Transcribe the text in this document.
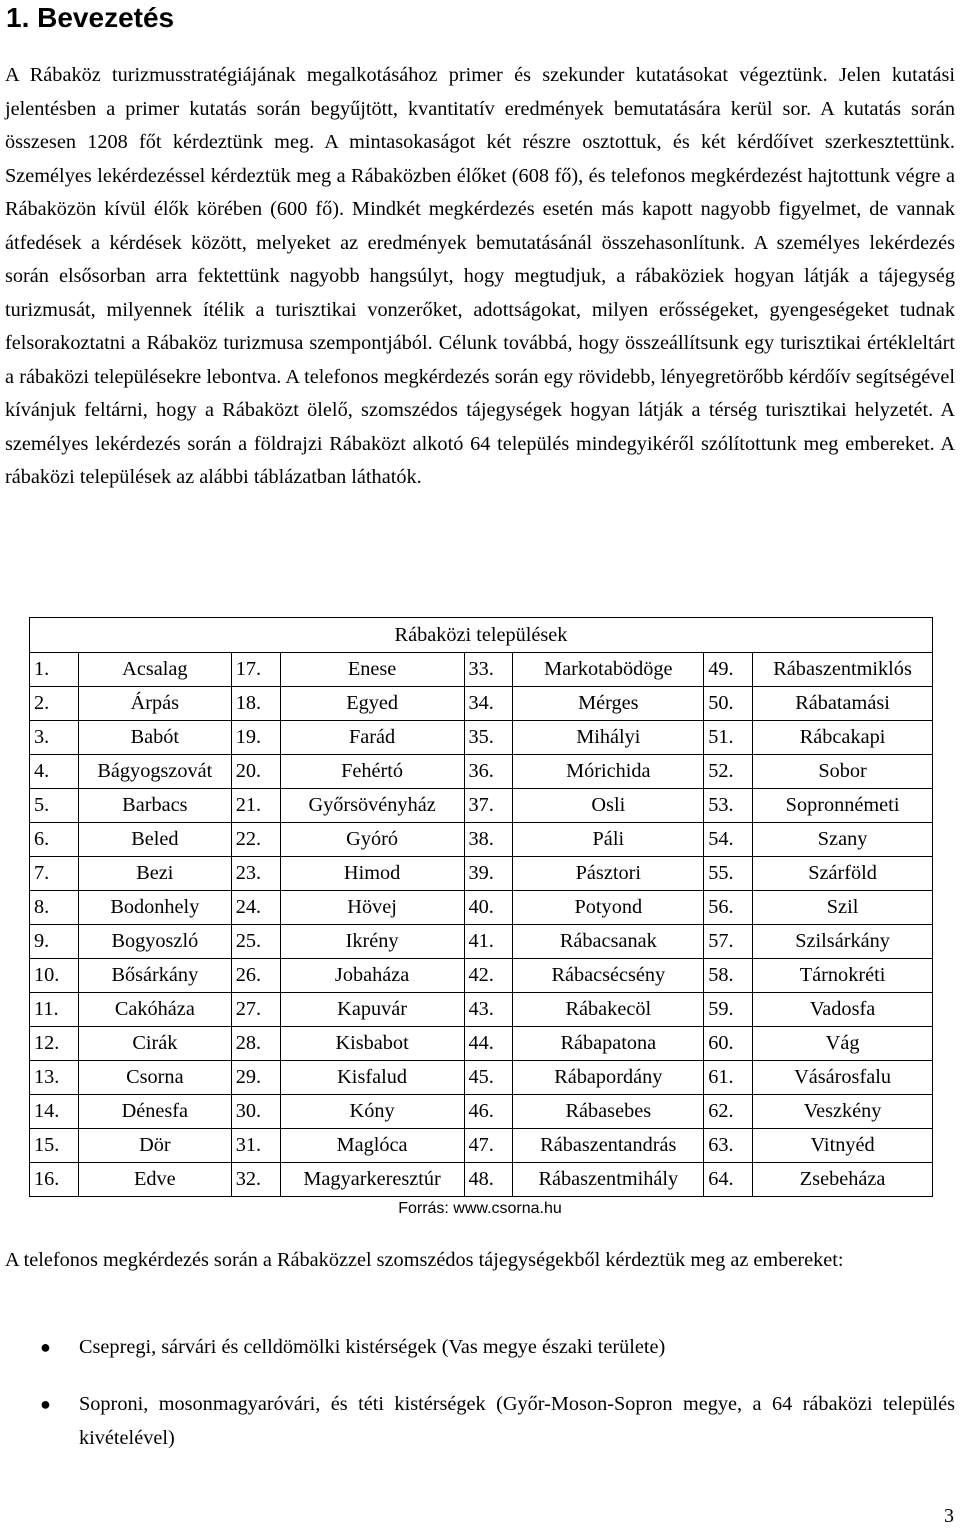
1. Bevezetés
A Rábaköz turizmusstratégiájának megalkotásához primer és szekunder kutatásokat végeztünk. Jelen kutatási jelentésben a primer kutatás során begyűjtött, kvantitatív eredmények bemutatására kerül sor. A kutatás során összesen 1208 főt kérdeztünk meg. A mintasokaságot két részre osztottuk, és két kérdőívet szerkesztettünk. Személyes lekérdezéssel kérdeztük meg a Rábaközben élőket (608 fő), és telefonos megkérdezést hajtottunk végre a Rábaközön kívül élők körében (600 fő). Mindkét megkérdezés esetén más kapott nagyobb figyelmet, de vannak átfedések a kérdések között, melyeket az eredmények bemutatásánál összehasonlítunk. A személyes lekérdezés során elsősorban arra fektettünk nagyobb hangsúlyt, hogy megtudjuk, a rábaköziek hogyan látják a tájegység turizmusát, milyennek ítélik a turisztikai vonzerőket, adottságokat, milyen erősségeket, gyengeségeket tudnak felsorakoztatni a Rábaköz turizmusa szempontjából. Célunk továbbá, hogy összeállítsunk egy turisztikai értékleltárt a rábaközi településekre lebontva. A telefonos megkérdezés során egy rövidebb, lényegretörőbb kérdőív segítségével kívánjuk feltárni, hogy a Rábaközt ölelő, szomszédos tájegységek hogyan látják a térség turisztikai helyzetét. A személyes lekérdezés során a földrajzi Rábaközt alkotó 64 település mindegyikéről szólítottunk meg embereket. A rábaközi települések az alábbi táblázatban láthatók.
Rábaközi települések							
1.	Acsalag	17.	Enese	33.	Markotabödöge	49.	Rábaszentmiklós
2.	Árpás	18.	Egyed	34.	Mérges	50.	Rábatamási
3.	Babót	19.	Farád	35.	Mihályi	51.	Rábcakapi
4.	Bágyogszovát	20.	Fehértó	36.	Mórichida	52.	Sobor
5.	Barbacs	21.	Győrsövényház	37.	Osli	53.	Sopronnémeti
6.	Beled	22.	Gyóró	38.	Páli	54.	Szany
7.	Bezi	23.	Himod	39.	Pásztori	55.	Szárföld
8.	Bodonhely	24.	Hövej	40.	Potyond	56.	Szil
9.	Bogyoszló	25.	Ikrény	41.	Rábacsanak	57.	Szilsárkány
10.	Bősárkány	26.	Jobaháza	42.	Rábacsécsény	58.	Tárnokréti
11.	Cakóháza	27.	Kapuvár	43.	Rábakecöl	59.	Vadosfa
12.	Cirák	28.	Kisbabot	44.	Rábapatona	60.	Vág
13.	Csorna	29.	Kisfalud	45.	Rábapordány	61.	Vásárosfalu
14.	Dénesfa	30.	Kóny	46.	Rábasebes	62.	Veszkény
15.	Dör	31.	Maglóca	47.	Rábaszentandrás	63.	Vitnyéd
16.	Edve	32.	Magyarkeresztúr	48.	Rábaszentmihály	64.	Zsebeháza
Forrás: www.csorna.hu
A telefonos megkérdezés során a Rábaközzel szomszédos tájegységekből kérdeztük meg az embereket:
● Csepregi, sárvári és celldömölki kistérségek (Vas megye északi területe)
● Soproni, mosonmagyaróvári, és téti kistérségek (Győr-Moson-Sopron megye, a 64 rábaközi település kivételével)
3
